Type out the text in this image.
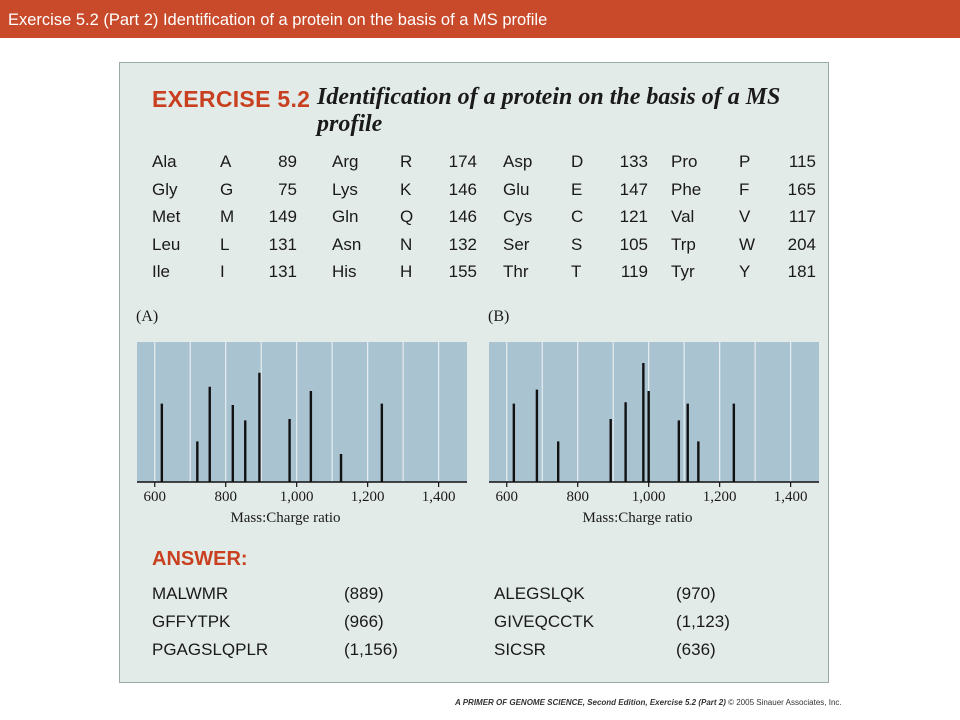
Exercise 5.2 (Part 2) Identification of a protein on the basis of a MS profile
EXERCISE 5.2 Identification of a protein on the basis of a MS profile
Ala	A	89 Arg R	174 Asp D	133 Pro P	115
Gly	G	75 Lys K	146 Glu E	147 Phe F	165
Met M	149 Gln Q	146 Cys C	121 Val	V	117
Leu L	131 Asn N	132 Ser S	105 Trp	W	204
Ile	I	131 His	H	155 Thr	T	119 Tyr	Y	181
(A)	(B)
600	800	1,000 1,200 1,400
Mass:Charge ratio
600	800	1,000 1,200 1,400
Mass:Charge ratio
ANSWER:
MALWMR	(889)	ALEGSLQK	(970)
GFFYTPK	(966)	GIVEQCCTK	(1,123)
PGAGSLQPLR	(1,156)	SICSR	(636)
A PRIMER OF GENOME SCIENCE, Second Edition, Exercise 5.2 (Part 2) © 2005 Sinauer Associates, Inc.
